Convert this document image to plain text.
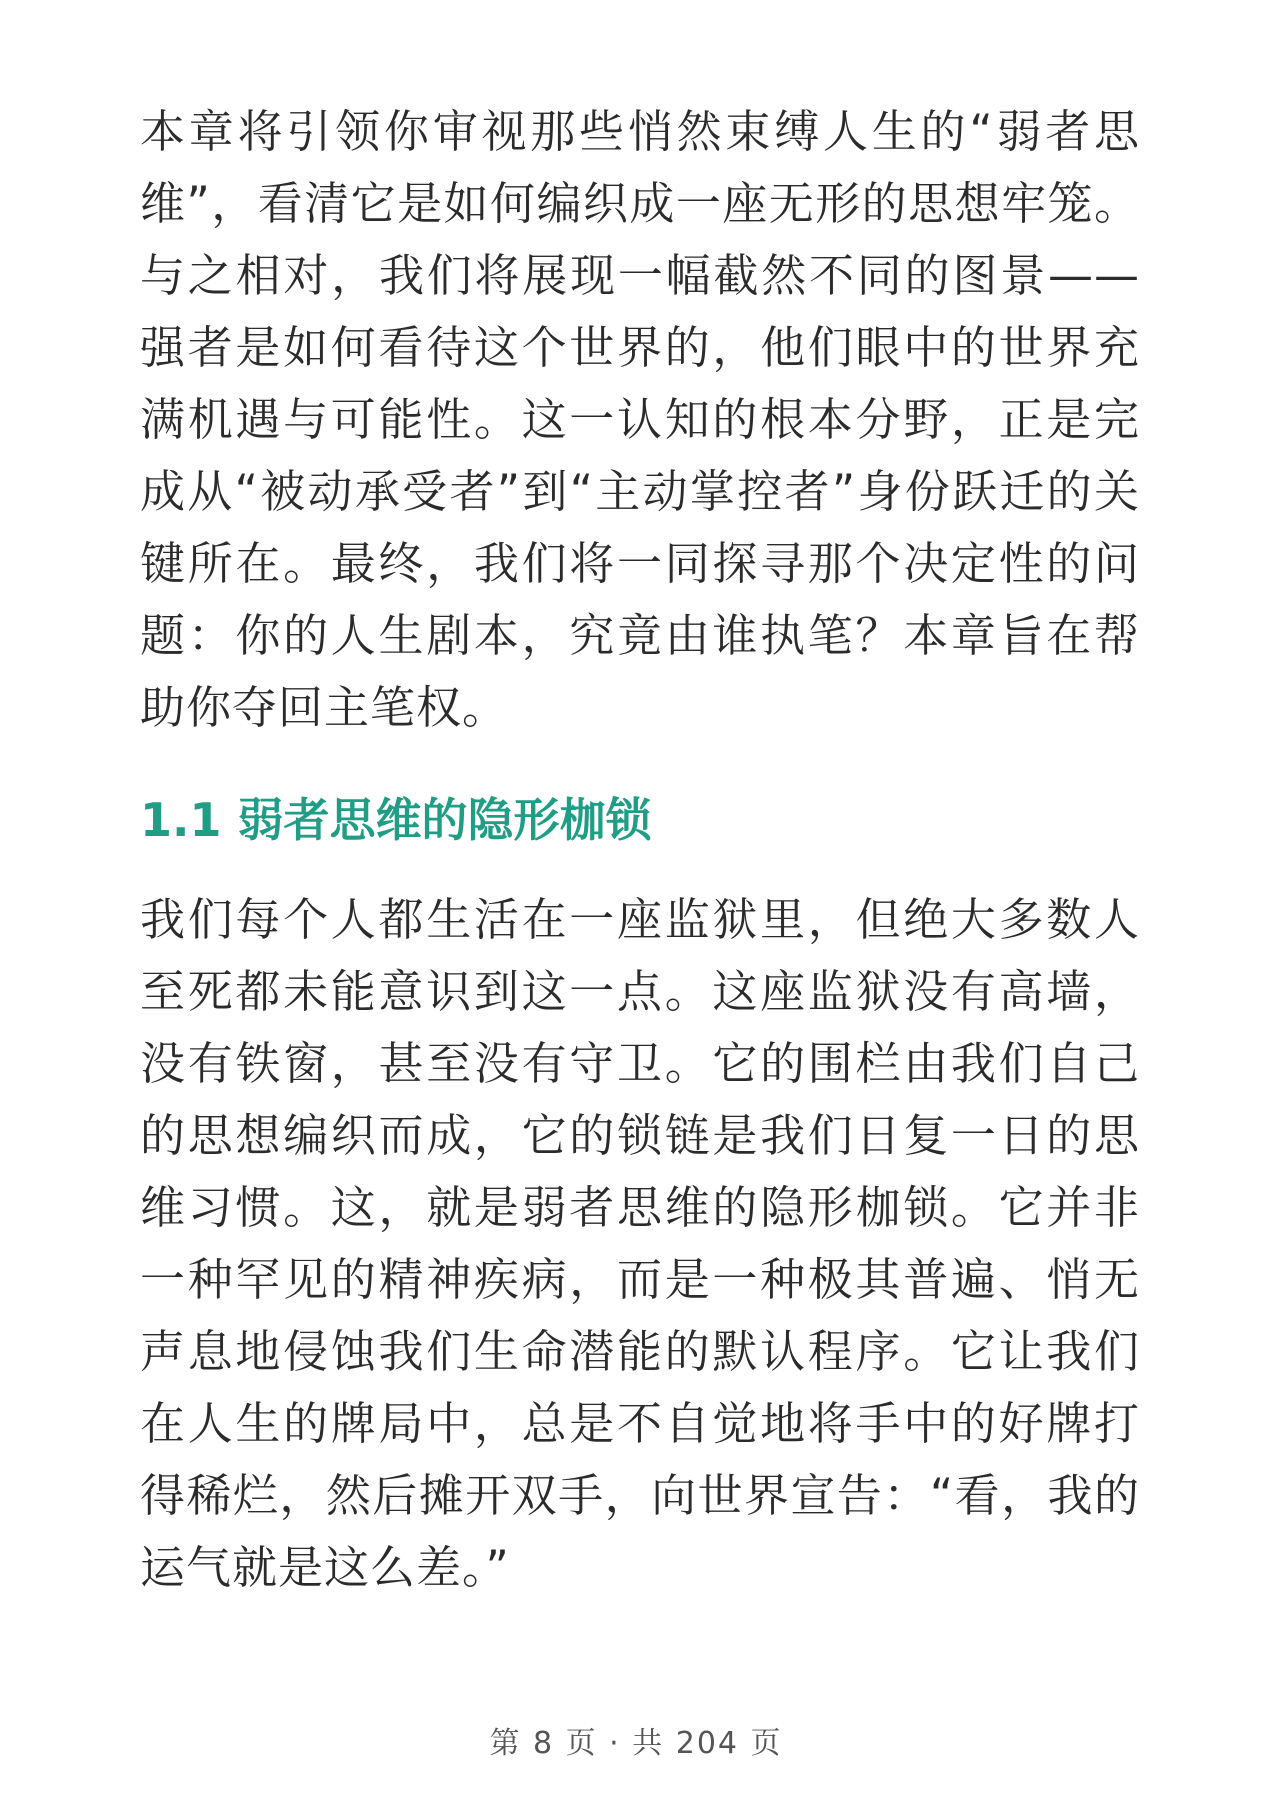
本章将引领你审视那些悄然束缚人生的“弱者思维”，看清它是如何编织成一座无形的思想牢笼。与之相对，我们将展现一幅截然不同的图景——强者是如何看待这个世界的，他们眼中的世界充满机遇与可能性。这一认知的根本分野，正是完成从“被动承受者”到“主动掌控者”身份跃迁的关键所在。最终，我们将一同探寻那个决定性的问题：你的人生剧本，究竟由谁执笔？本章旨在帮助你夺回主笔权。

1.1 弱者思维的隐形枷锁

我们每个人都生活在一座监狱里，但绝大多数人至死都未能意识到这一点。这座监狱没有高墙，没有铁窗，甚至没有守卫。它的围栏由我们自己的思想编织而成，它的锁链是我们日复一日的思维习惯。这，就是弱者思维的隐形枷锁。它并非一种罕见的精神疾病，而是一种极其普遍、悄无声息地侵蚀我们生命潜能的默认程序。它让我们在人生的牌局中，总是不自觉地将手中的好牌打得稀烂，然后摊开双手，向世界宣告：“看，我的运气就是这么差。”

第 8 页 · 共 204 页
